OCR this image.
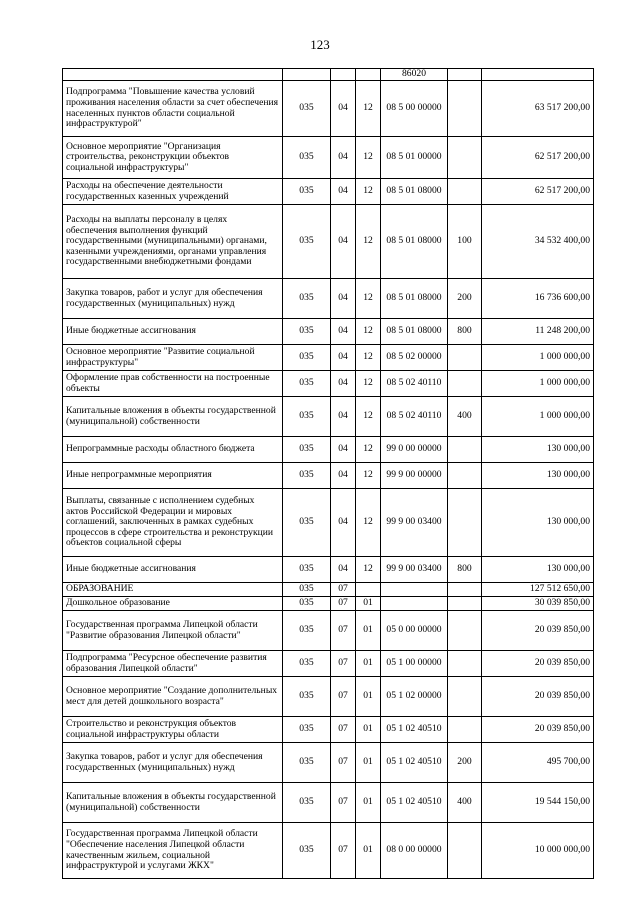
123
				86020		
Подпрограмма "Повышение качества условий проживания населения области за счет обеспечения населенных пунктов области социальной инфраструктурой"	035	04	12	08 5 00 00000		63 517 200,00
Основное мероприятие "Организация строительства, реконструкции объектов социальной инфраструктуры"	035	04	12	08 5 01 00000		62 517 200,00
Расходы на обеспечение деятельности государственных казенных учреждений	035	04	12	08 5 01 08000		62 517 200,00
Расходы на выплаты персоналу в целях обеспечения выполнения функций государственными (муниципальными) органами, казенными учреждениями, органами управления государственными внебюджетными фондами	035	04	12	08 5 01 08000	100	34 532 400,00
Закупка товаров, работ и услуг для обеспечения государственных (муниципальных) нужд	035	04	12	08 5 01 08000	200	16 736 600,00
Иные бюджетные ассигнования	035	04	12	08 5 01 08000	800	11 248 200,00
Основное мероприятие "Развитие социальной инфраструктуры"	035	04	12	08 5 02 00000		1 000 000,00
Оформление прав собственности на построенные объекты	035	04	12	08 5 02 40110		1 000 000,00
Капитальные вложения в объекты государственной (муниципальной) собственности	035	04	12	08 5 02 40110	400	1 000 000,00
Непрограммные расходы областного бюджета	035	04	12	99 0 00 00000		130 000,00
Иные непрограммные мероприятия	035	04	12	99 9 00 00000		130 000,00
Выплаты, связанные с исполнением судебных актов Российской Федерации и мировых соглашений, заключенных в рамках судебных процессов в сфере строительства и реконструкции объектов социальной сферы	035	04	12	99 9 00 03400		130 000,00
Иные бюджетные ассигнования	035	04	12	99 9 00 03400	800	130 000,00
ОБРАЗОВАНИЕ	035	07				127 512 650,00
Дошкольное образование	035	07	01			30 039 850,00
Государственная программа Липецкой области "Развитие образования Липецкой области"	035	07	01	05 0 00 00000		20 039 850,00
Подпрограмма "Ресурсное обеспечение развития образования Липецкой области"	035	07	01	05 1 00 00000		20 039 850,00
Основное мероприятие "Создание дополнительных мест для детей дошкольного возраста"	035	07	01	05 1 02 00000		20 039 850,00
Строительство и реконструкция объектов социальной инфраструктуры области	035	07	01	05 1 02 40510		20 039 850,00
Закупка товаров, работ и услуг для обеспечения государственных (муниципальных) нужд	035	07	01	05 1 02 40510	200	495 700,00
Капитальные вложения в объекты государственной (муниципальной) собственности	035	07	01	05 1 02 40510	400	19 544 150,00
Государственная программа Липецкой области "Обеспечение населения Липецкой области качественным жильем, социальной инфраструктурой и услугами ЖКХ"	035	07	01	08 0 00 00000		10 000 000,00
